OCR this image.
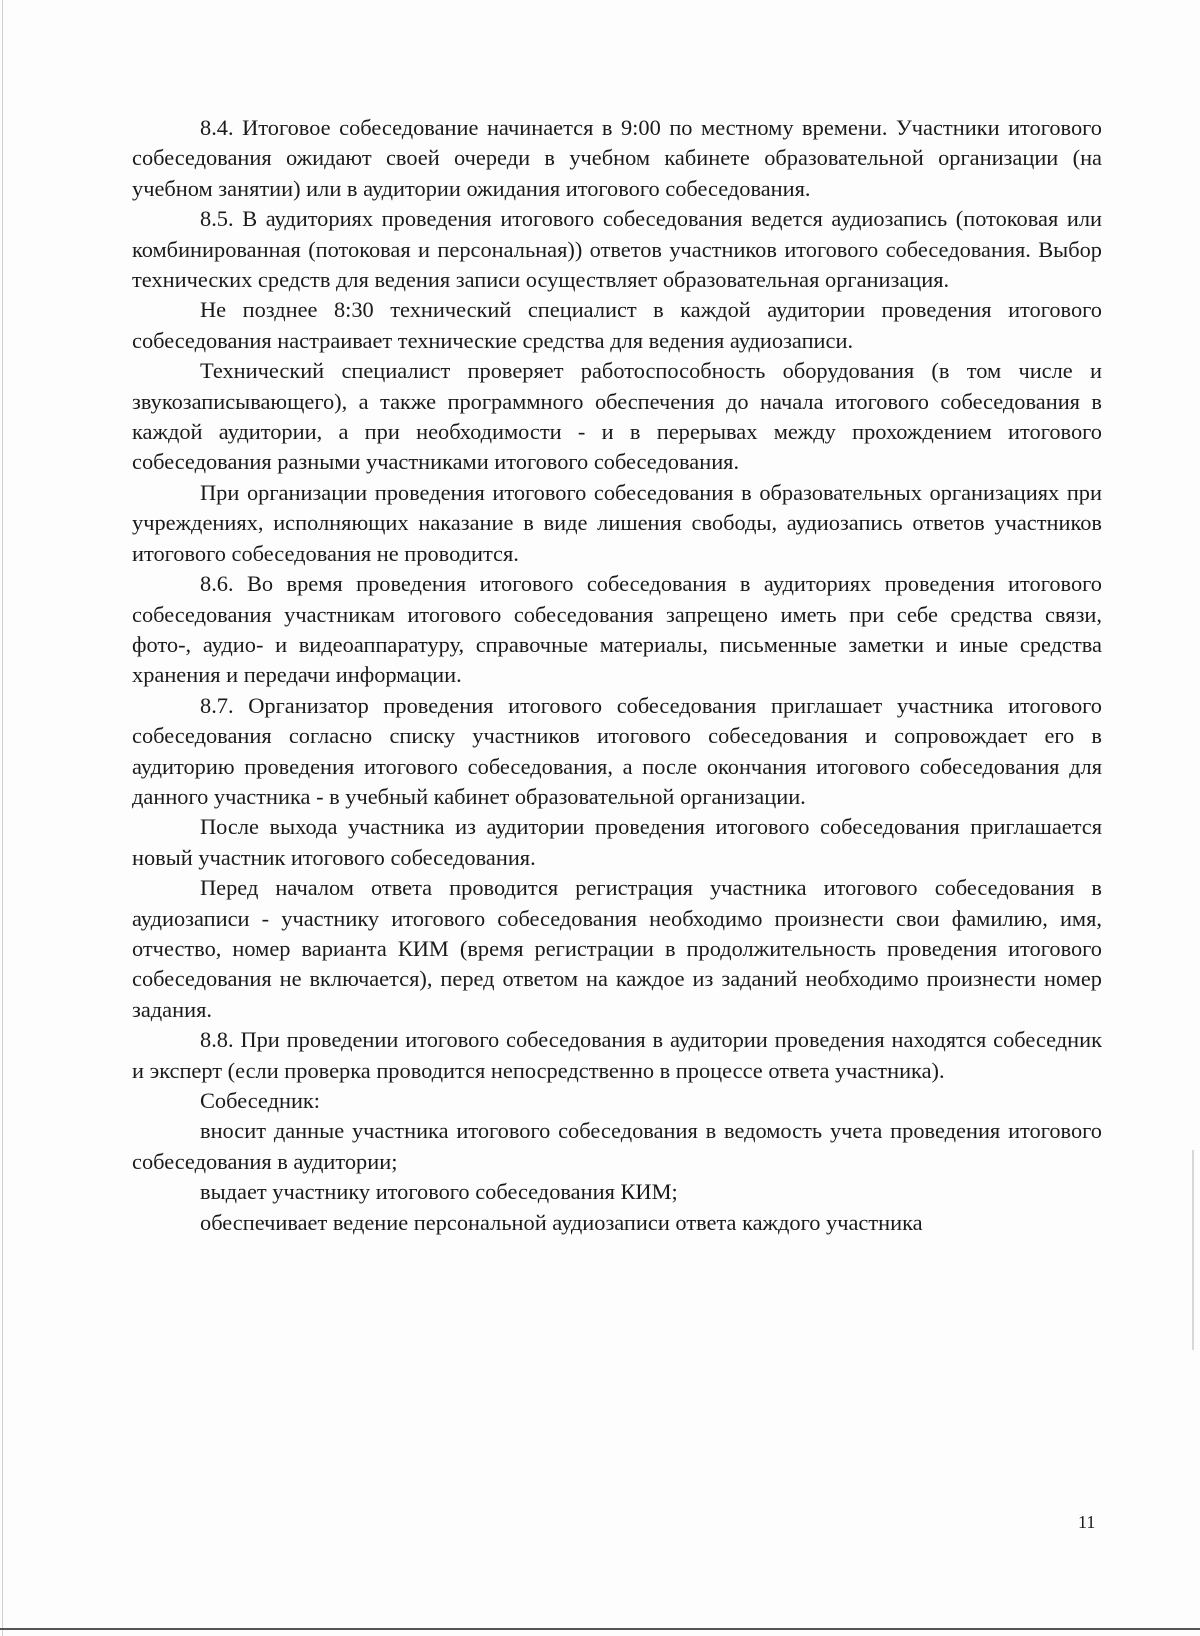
8.4. Итоговое собеседование начинается в 9:00 по местному времени. Участники итогового собеседования ожидают своей очереди в учебном кабинете образовательной организации (на учебном занятии) или в аудитории ожидания итогового собеседования.

8.5. В аудиториях проведения итогового собеседования ведется аудиозапись (потоковая или комбинированная (потоковая и персональная)) ответов участников итогового собеседования. Выбор технических средств для ведения записи осуществляет образовательная организация.

Не позднее 8:30 технический специалист в каждой аудитории проведения итогового собеседования настраивает технические средства для ведения аудиозаписи.

Технический специалист проверяет работоспособность оборудования (в том числе и звукозаписывающего), а также программного обеспечения до начала итогового собеседования в каждой аудитории, а при необходимости - и в перерывах между прохождением итогового собеседования разными участниками итогового собеседования.

При организации проведения итогового собеседования в образовательных организациях при учреждениях, исполняющих наказание в виде лишения свободы, аудиозапись ответов участников итогового собеседования не проводится.

8.6. Во время проведения итогового собеседования в аудиториях проведения итогового собеседования участникам итогового собеседования запрещено иметь при себе средства связи, фото-, аудио- и видеоаппаратуру, справочные материалы, письменные заметки и иные средства хранения и передачи информации.

8.7. Организатор проведения итогового собеседования приглашает участника итогового собеседования согласно списку участников итогового собеседования и сопровождает его в аудиторию проведения итогового собеседования, а после окончания итогового собеседования для данного участника - в учебный кабинет образовательной организации.

После выхода участника из аудитории проведения итогового собеседования приглашается новый участник итогового собеседования.

Перед началом ответа проводится регистрация участника итогового собеседования в аудиозаписи - участнику итогового собеседования необходимо произнести свои фамилию, имя, отчество, номер варианта КИМ (время регистрации в продолжительность проведения итогового собеседования не включается), перед ответом на каждое из заданий необходимо произнести номер задания.

8.8. При проведении итогового собеседования в аудитории проведения находятся собеседник и эксперт (если проверка проводится непосредственно в процессе ответа участника).

Собеседник:

вносит данные участника итогового собеседования в ведомость учета проведения итогового собеседования в аудитории;

выдает участнику итогового собеседования КИМ;

обеспечивает ведение персональной аудиозаписи ответа каждого участника

11
